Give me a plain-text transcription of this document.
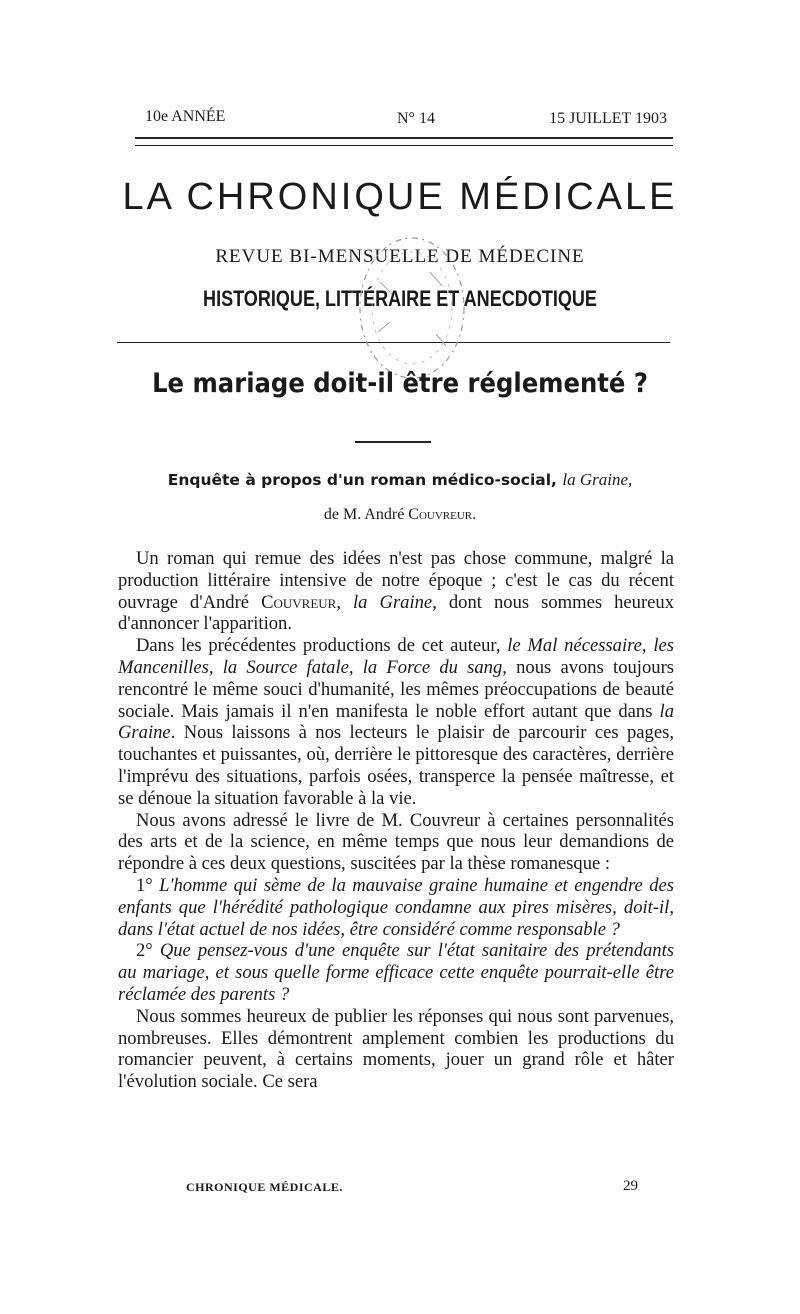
10e ANNÉE	N° 14	15 JUILLET 1903
LA CHRONIQUE MÉDICALE
REVUE BI-MENSUELLE DE MÉDECINE
HISTORIQUE, LITTÉRAIRE ET ANECDOTIQUE
Le mariage doit-il être réglementé ?
Enquête à propos d'un roman médico-social, la Graine,
de M. André Couvreur.

Un roman qui remue des idées n'est pas chose commune, malgré la production littéraire intensive de notre époque ; c'est le cas du récent ouvrage d'André Couvreur, la Graine, dont nous sommes heureux d'annoncer l'apparition.

Dans les précédentes productions de cet auteur, le Mal nécessaire, les Mancenilles, la Source fatale, la Force du sang, nous avons toujours rencontré le même souci d'humanité, les mêmes préoccupations de beauté sociale. Mais jamais il n'en manifesta le noble effort autant que dans la Graine. Nous laissons à nos lecteurs le plaisir de parcourir ces pages, touchantes et puissantes, où, derrière le pittoresque des caractères, derrière l'imprévu des situations, parfois osées, transperce la pensée maîtresse, et se dénoue la situation favorable à la vie.

Nous avons adressé le livre de M. Couvreur à certaines personnalités des arts et de la science, en même temps que nous leur demandions de répondre à ces deux questions, suscitées par la thèse romanesque :

1° L'homme qui sème de la mauvaise graine humaine et engendre des enfants que l'hérédité pathologique condamne aux pires misères, doit-il, dans l'état actuel de nos idées, être considéré comme responsable ?

2° Que pensez-vous d'une enquête sur l'état sanitaire des prétendants au mariage, et sous quelle forme efficace cette enquête pourrait-elle être réclamée des parents ?

Nous sommes heureux de publier les réponses qui nous sont parvenues, nombreuses. Elles démontrent amplement combien les productions du romancier peuvent, à certains moments, jouer un grand rôle et hâter l'évolution sociale. Ce sera

CHRONIQUE MÉDICALE.	29
